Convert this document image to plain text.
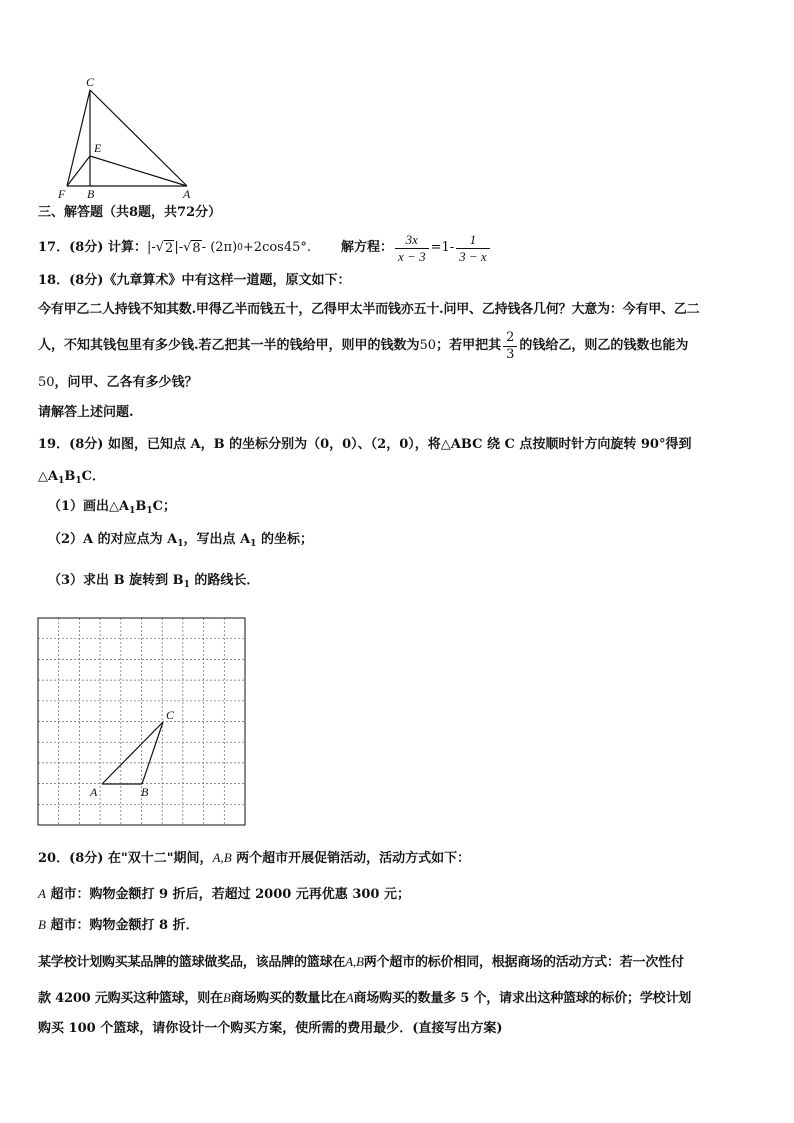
C
E
F B	A
三、解答题（共8题，共72分）
17．(8分) 计算： |- √ 2 |- √ 8 - (2π) 0 +2cos45°. 解方程： $\frac{3x}{x - 3} =1- \frac{1}{3 - x}$
18．(8分)《九章算术》中有这样一道题，原文如下：
今有甲乙二人持钱不知其数.甲得乙半而钱五十，乙得甲太半而钱亦五十.问甲、乙持钱各几何？大意为：今有甲、乙二
人，不知其钱包里有多少钱.若乙把其一半的钱给甲，则甲的钱数为 50 ；若甲把其 $\frac{2}{3}$ 的钱给乙，则乙的钱数也能为
50，问甲、乙各有多少钱？
请解答上述问题.
19．(8分) 如图，已知点 A，B 的坐标分别为（0，0）、（2，0），将△ABC 绕 C 点按顺时针方向旋转 90°得到
$\triangle A_1B_1C$．
（1）画出$\triangle A_1B_1C$；
（2）A 的对应点为 $A_1$，写出点 $A_1$ 的坐标；
（3）求出 B 旋转到 $B_1$ 的路线长．
A	B
C
20．(8分) 在"双十二"期间，A,B 两个超市开展促销活动，活动方式如下：
A 超市：购物金额打 9 折后，若超过 2000 元再优惠 300 元；
B 超市：购物金额打 8 折．
某学校计划购买某品牌的篮球做奖品，该品牌的篮球在A,B两个超市的标价相同，根据商场的活动方式：若一次性付
款 4200 元购买这种篮球，则在B商场购买的数量比在A商场购买的数量多 5 个，请求出这种篮球的标价；学校计划
购买 100 个篮球，请你设计一个购买方案，使所需的费用最少．(直接写出方案)
